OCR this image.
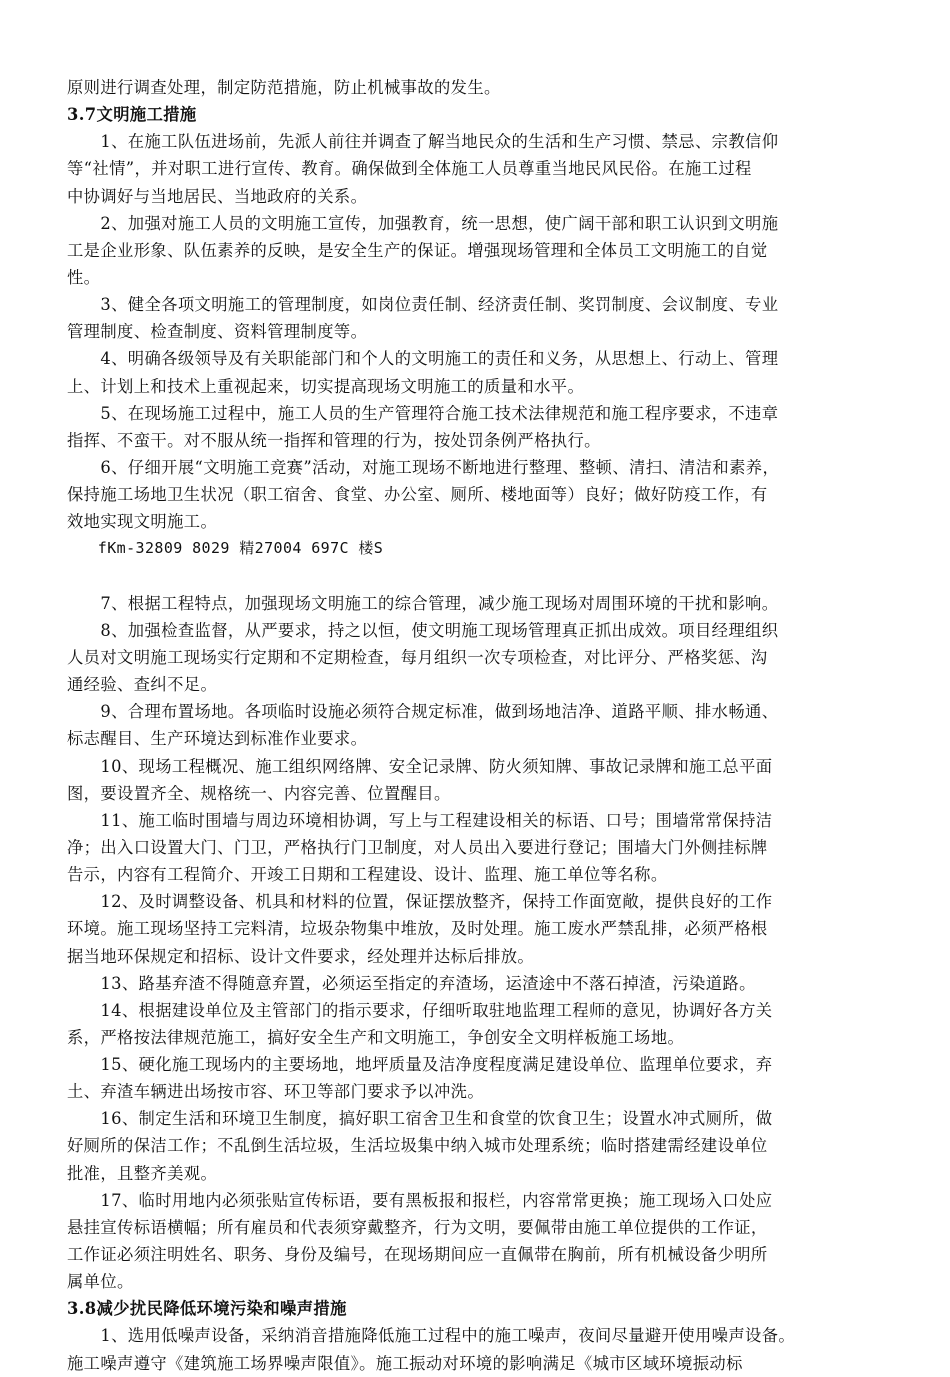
原则进行调查处理，制定防范措施，防止机械事故的发生。
3.7文明施工措施
　　1、在施工队伍进场前，先派人前往并调查了解当地民众的生活和生产习惯、禁忌、宗教信仰
等“社情”，并对职工进行宣传、教育。确保做到全体施工人员尊重当地民风民俗。在施工过程
中协调好与当地居民、当地政府的关系。
　　2、加强对施工人员的文明施工宣传，加强教育，统一思想，使广阔干部和职工认识到文明施
工是企业形象、队伍素养的反映，是安全生产的保证。增强现场管理和全体员工文明施工的自觉
性。
　　3、健全各项文明施工的管理制度，如岗位责任制、经济责任制、奖罚制度、会议制度、专业
管理制度、检查制度、资料管理制度等。
　　4、明确各级领导及有关职能部门和个人的文明施工的责任和义务，从思想上、行动上、管理
上、计划上和技术上重视起来，切实提高现场文明施工的质量和水平。
　　5、在现场施工过程中，施工人员的生产管理符合施工技术法律规范和施工程序要求，不违章
指挥、不蛮干。对不服从统一指挥和管理的行为，按处罚条例严格执行。
　　6、仔细开展“文明施工竞赛”活动，对施工现场不断地进行整理、整顿、清扫、清洁和素养，
保持施工场地卫生状况（职工宿舍、食堂、办公室、厕所、楼地面等）良好；做好防疫工作，有
效地实现文明施工。
　　fKm-32809 8029 精27004 697C 楼S
　　7、根据工程特点，加强现场文明施工的综合管理，减少施工现场对周围环境的干扰和影响。
　　8、加强检查监督，从严要求，持之以恒，使文明施工现场管理真正抓出成效。项目经理组织
人员对文明施工现场实行定期和不定期检查，每月组织一次专项检查，对比评分、严格奖惩、沟
通经验、查纠不足。
　　9、合理布置场地。各项临时设施必须符合规定标准，做到场地洁净、道路平顺、排水畅通、
标志醒目、生产环境达到标准作业要求。
　　10、现场工程概况、施工组织网络牌、安全记录牌、防火须知牌、事故记录牌和施工总平面
图，要设置齐全、规格统一、内容完善、位置醒目。
　　11、施工临时围墙与周边环境相协调，写上与工程建设相关的标语、口号；围墙常常保持洁
净；出入口设置大门、门卫，严格执行门卫制度，对人员出入要进行登记；围墙大门外侧挂标牌
告示，内容有工程简介、开竣工日期和工程建设、设计、监理、施工单位等名称。
　　12、及时调整设备、机具和材料的位置，保证摆放整齐，保持工作面宽敞，提供良好的工作
环境。施工现场坚持工完料清，垃圾杂物集中堆放，及时处理。施工废水严禁乱排，必须严格根
据当地环保规定和招标、设计文件要求，经处理并达标后排放。
　　13、路基弃渣不得随意弃置，必须运至指定的弃渣场，运渣途中不落石掉渣，污染道路。
　　14、根据建设单位及主管部门的指示要求，仔细听取驻地监理工程师的意见，协调好各方关
系，严格按法律规范施工，搞好安全生产和文明施工，争创安全文明样板施工场地。
　　15、硬化施工现场内的主要场地，地坪质量及洁净度程度满足建设单位、监理单位要求，弃
土、弃渣车辆进出场按市容、环卫等部门要求予以冲洗。
　　16、制定生活和环境卫生制度，搞好职工宿舍卫生和食堂的饮食卫生；设置水冲式厕所，做
好厕所的保洁工作；不乱倒生活垃圾，生活垃圾集中纳入城市处理系统；临时搭建需经建设单位
批准，且整齐美观。
　　17、临时用地内必须张贴宣传标语，要有黑板报和报栏，内容常常更换；施工现场入口处应
悬挂宣传标语横幅；所有雇员和代表须穿戴整齐，行为文明，要佩带由施工单位提供的工作证，
工作证必须注明姓名、职务、身份及编号，在现场期间应一直佩带在胸前，所有机械设备少明所
属单位。
3.8减少扰民降低环境污染和噪声措施
　　1、选用低噪声设备，采纳消音措施降低施工过程中的施工噪声，夜间尽量避开使用噪声设备。
施工噪声遵守《建筑施工场界噪声限值》。施工振动对环境的影响满足《城市区域环境振动标
